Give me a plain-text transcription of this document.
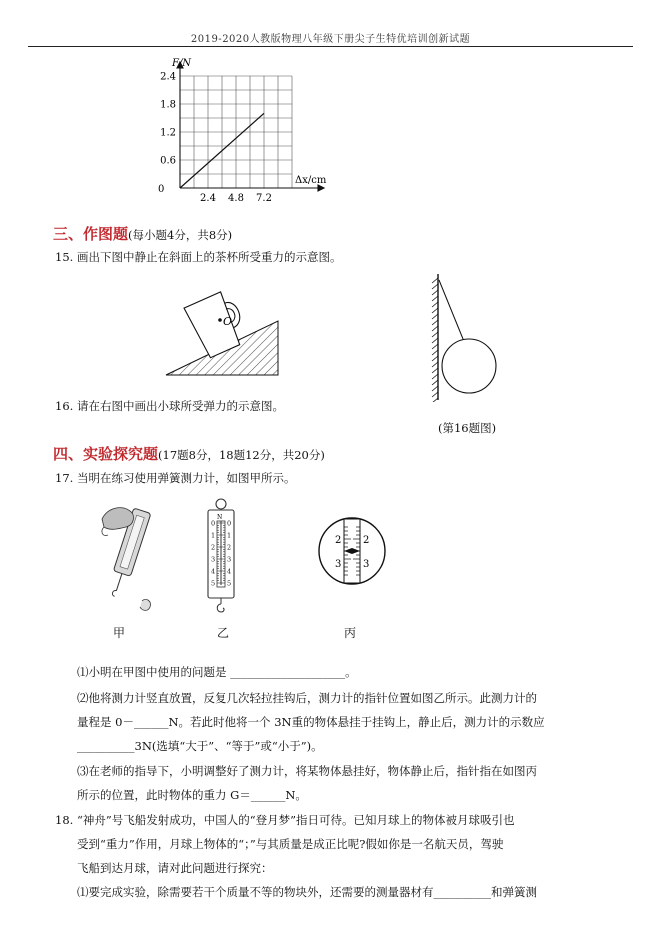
2019-2020人教版物理八年级下册尖子生特优培训创新试题
2.4
1.8
1.2
0.6
2.4 4.8 7.2
F/N
Δx/cm
0
三、作图题(每小题4分，共8分)
15. 画出下图中静止在斜面上的茶杯所受重力的示意图。
O
16. 请在右图中画出小球所受弹力的示意图。
(第16题图)
四、实验探究题(17题8分，18题12分，共20分)
17. 当明在练习使用弹簧测力计，如图甲所示。
甲
N
0 0
1 1
2 2
3 3
4 4
5 5
乙
2
3
2
3
丙
⑴小明在甲图中使用的问题是 ____________________。
⑵他将测力计竖直放置，反复几次轻拉挂钩后，测力计的指针位置如图乙所示。此测力计的
量程是 0－______N。若此时他将一个 3N重的物体悬挂于挂钩上，静止后，测力计的示数应
__________3N(选填“大于”、“等于”或“小于”)。
⑶在老师的指导下，小明调整好了测力计，将某物体悬挂好，物体静止后，指针指在如图丙
所示的位置，此时物体的重力 G＝______N。
18. “神舟”号飞船发射成功，中国人的“登月梦”指日可待。已知月球上的物体被月球吸引也
受到“重力”作用，月球上物体的“；”与其质量是成正比呢?假如你是一名航天员，驾驶
飞船到达月球，请对此问题进行探究：
⑴要完成实验，除需要若干个质量不等的物块外，还需要的测量器材有__________和弹簧测
